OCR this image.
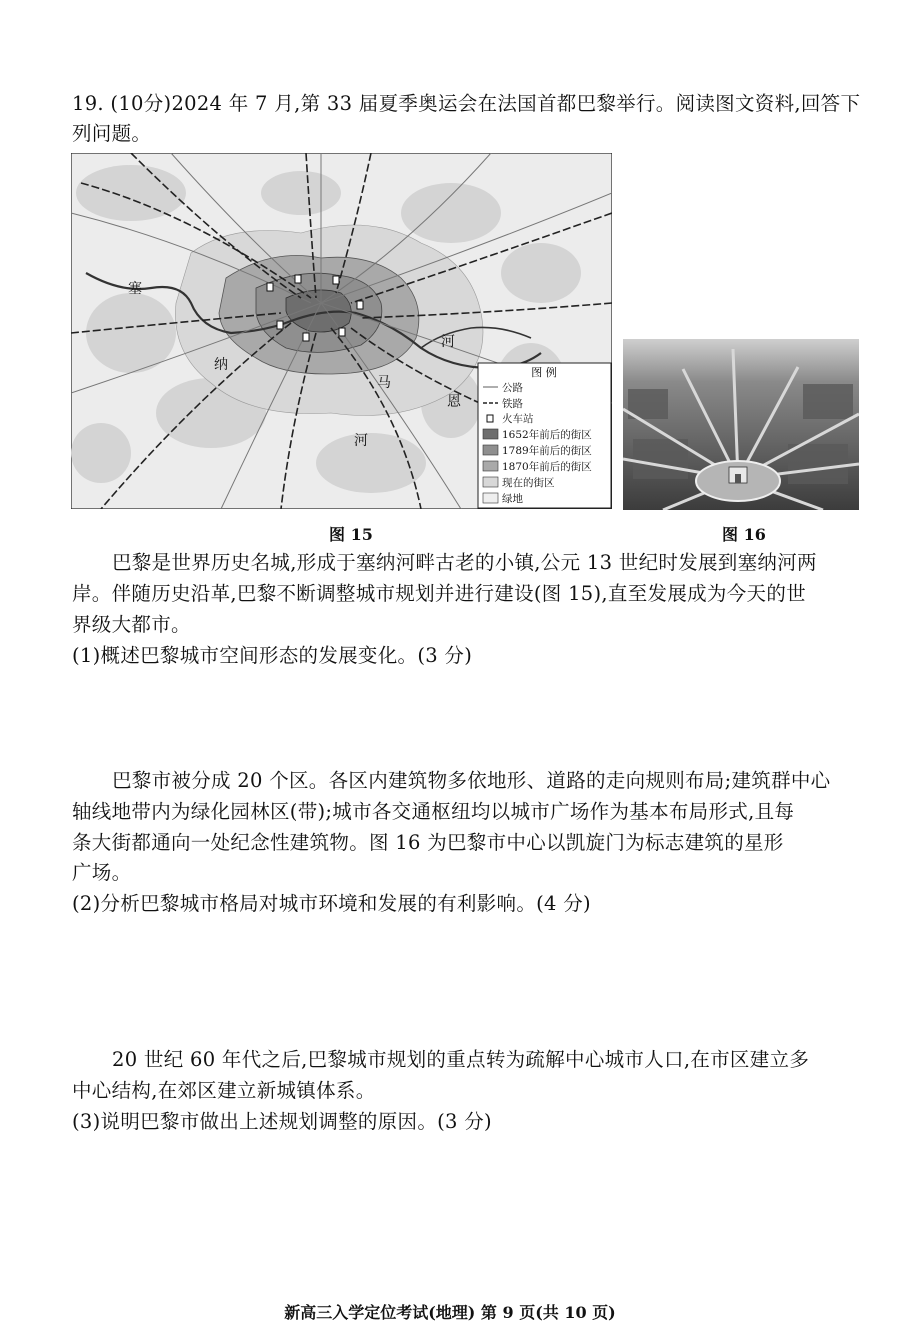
19. (10分)2024 年 7 月,第 33 届夏季奥运会在法国首都巴黎举行。阅读图文资料,回答下
列问题。
塞
纳
河
马
恩
河
图 例
公路
铁路
火车站
1652年前后的街区
1789年前后的街区
1870年前后的街区
现在的街区
绿地
图 15	图 16
巴黎是世界历史名城,形成于塞纳河畔古老的小镇,公元 13 世纪时发展到塞纳河两
岸。伴随历史沿革,巴黎不断调整城市规划并进行建设(图 15),直至发展成为今天的世
界级大都市。
(1)概述巴黎城市空间形态的发展变化。(3 分)
巴黎市被分成 20 个区。各区内建筑物多依地形、道路的走向规则布局;建筑群中心
轴线地带内为绿化园林区(带);城市各交通枢纽均以城市广场作为基本布局形式,且每
条大街都通向一处纪念性建筑物。图 16 为巴黎市中心以凯旋门为标志建筑的星形
广场。
(2)分析巴黎城市格局对城市环境和发展的有利影响。(4 分)
20 世纪 60 年代之后,巴黎城市规划的重点转为疏解中心城市人口,在市区建立多
中心结构,在郊区建立新城镇体系。
(3)说明巴黎市做出上述规划调整的原因。(3 分)
新高三入学定位考试(地理) 第 9 页(共 10 页)
